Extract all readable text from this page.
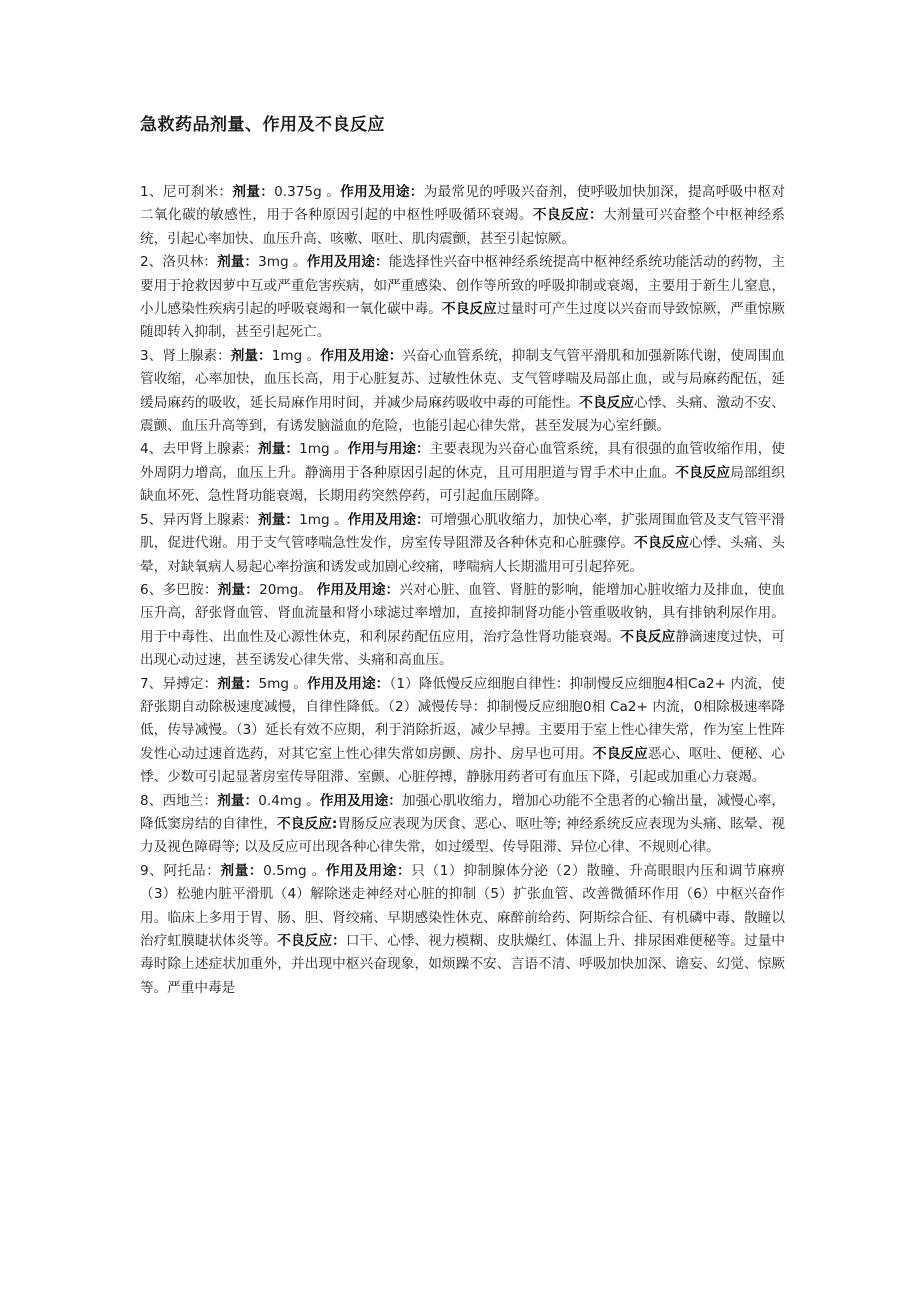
急救药品剂量、作用及不良反应

1、尼可刹米：剂量：0.375g 。作用及用途：为最常见的呼吸兴奋剂，使呼吸加快加深，提高呼吸中枢对二氧化碳的敏感性，用于各种原因引起的中枢性呼吸循环衰竭。不良反应：大剂量可兴奋整个中枢神经系统，引起心率加快、血压升高、咳嗽、呕吐、肌肉震颤，甚至引起惊厥。

2、洛贝林：剂量：3mg 。作用及用途：能选择性兴奋中枢神经系统提高中枢神经系统功能活动的药物，主要用于抢救因萝中互或严重危害疾病，如严重感染、创作等所致的呼吸抑制或衰竭，主要用于新生儿窒息，小儿感染性疾病引起的呼吸衰竭和一氧化碳中毒。不良反应过量时可产生过度以兴奋而导致惊厥，严重惊厥随即转入抑制，甚至引起死亡。

3、肾上腺素：剂量：1mg 。作用及用途：兴奋心血管系统，抑制支气管平滑肌和加强新陈代谢，使周围血管收缩，心率加快，血压长高，用于心脏复苏、过敏性休克、支气管哮喘及局部止血，或与局麻药配伍，延缓局麻药的吸收，延长局麻作用时间，并减少局麻药吸收中毒的可能性。不良反应心悸、头痛、激动不安、震颤、血压升高等到，有诱发脑溢血的危险，也能引起心律失常，甚至发展为心室纤颤。

4、去甲肾上腺素：剂量：1mg 。作用与用途：主要表现为兴奋心血管系统，具有很强的血管收缩作用，使外周阴力增高，血压上升。静滴用于各种原因引起的休克，且可用胆道与胃手术中止血。不良反应局部组织缺血坏死、急性肾功能衰竭，长期用药突然停药，可引起血压剧降。

5、异丙肾上腺素：剂量：1mg 。作用及用途：可增强心肌收缩力，加快心率，扩张周围血管及支气管平滑肌，促进代谢。用于支气管哮喘急性发作，房室传导阻滞及各种休克和心脏骤停。不良反应心悸、头痛、头晕，对缺氧病人易起心率扮演和诱发或加剧心绞痛，哮喘病人长期滥用可引起猝死。

6、多巴胺：剂量：20mg。 作用及用途：兴对心脏、血管、肾脏的影响，能增加心脏收缩力及排血，使血压升高，舒张肾血管、肾血流量和肾小球滤过率增加，直接抑制肾功能小管重吸收钠，具有排钠利尿作用。用于中毒性、出血性及心源性休克，和利尿药配伍应用，治疗急性肾功能衰竭。不良反应静滴速度过快，可出现心动过速，甚至诱发心律失常、头痛和高血压。

7、异搏定：剂量：5mg 。作用及用途：（1）降低慢反应细胞自律性：抑制慢反应细胞4相Ca2+ 内流，使舒张期自动除极速度减慢，自律性降低。（2）减慢传导：抑制慢反应细胞0相 Ca2+ 内流，0相除极速率降低，传导减慢。（3）延长有效不应期，利于消除折返，减少早搏。主要用于室上性心律失常，作为室上性阵发性心动过速首选药，对其它室上性心律失常如房颤、房扑、房早也可用。不良反应恶心、呕吐、便秘、心悸、少数可引起显著房室传导阻滞、室颤、心脏停搏，静脉用药者可有血压下降，引起或加重心力衰竭。

8、西地兰：剂量：0.4mg 。作用及用途：加强心肌收缩力，增加心功能不全患者的心输出量，减慢心率，降低窦房结的自律性，不良反应:胃肠反应表现为厌食、恶心、呕吐等; 神经系统反应表现为头痛、眩晕、视力及视色障碍等; 以及反应可出现各种心律失常，如过缓型、传导阻滞、异位心律、不规则心律。

9、阿托品：剂量：0.5mg 。作用及用途：只（1）抑制腺体分泌（2）散瞳、升高眼眼内压和调节麻痹（3）松驰内脏平滑肌（4）解除迷走神经对心脏的抑制（5）扩张血管、改善微循环作用（6）中枢兴奋作用。临床上多用于胃、肠、胆、肾绞痛、早期感染性休克、麻醉前给药、阿斯综合征、有机磷中毒、散瞳以治疗虹膜睫状体炎等。不良反应：口干、心悸、视力模糊、皮肤燥红、体温上升、排尿困难便秘等。过量中毒时除上述症状加重外，并出现中枢兴奋现象，如烦躁不安、言语不清、呼吸加快加深、谵妄、幻觉、惊厥等。严重中毒是
